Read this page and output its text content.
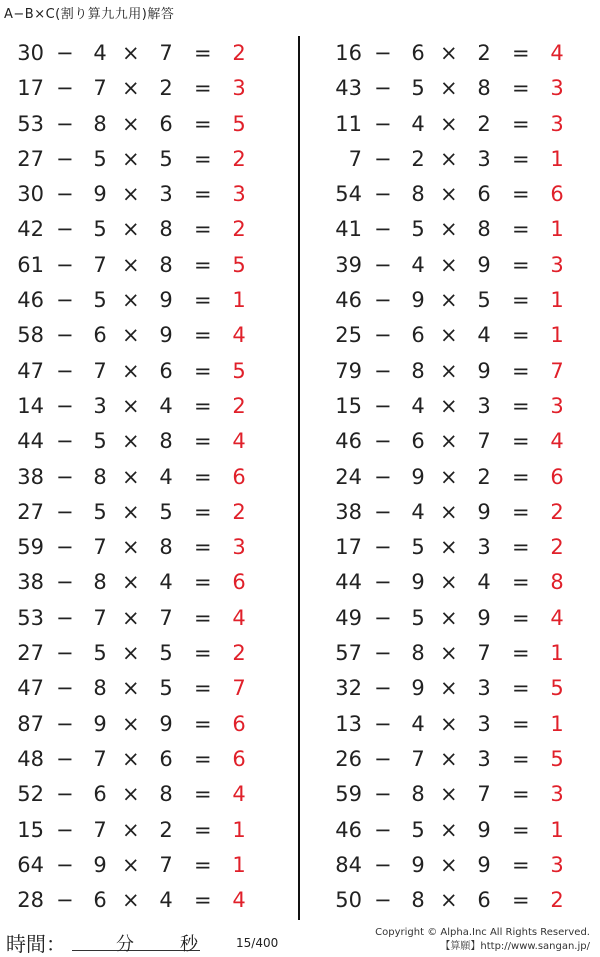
A−B×C(割り算九九用)解答
30 − 4 × 7 = 2
17 − 7 × 2 = 3
53 − 8 × 6 = 5
27 − 5 × 5 = 2
30 − 9 × 3 = 3
42 − 5 × 8 = 2
61 − 7 × 8 = 5
46 − 5 × 9 = 1
58 − 6 × 9 = 4
47 − 7 × 6 = 5
14 − 3 × 4 = 2
44 − 5 × 8 = 4
38 − 8 × 4 = 6
27 − 5 × 5 = 2
59 − 7 × 8 = 3
38 − 8 × 4 = 6
53 − 7 × 7 = 4
27 − 5 × 5 = 2
47 − 8 × 5 = 7
87 − 9 × 9 = 6
48 − 7 × 6 = 6
52 − 6 × 8 = 4
15 − 7 × 2 = 1
64 − 9 × 7 = 1
28 − 6 × 4 = 4
16 − 6 × 2 = 4
43 − 5 × 8 = 3
11 − 4 × 2 = 3
7 − 2 × 3 = 1
54 − 8 × 6 = 6
41 − 5 × 8 = 1
39 − 4 × 9 = 3
46 − 9 × 5 = 1
25 − 6 × 4 = 1
79 − 8 × 9 = 7
15 − 4 × 3 = 3
46 − 6 × 7 = 4
24 − 9 × 2 = 6
38 − 4 × 9 = 2
17 − 5 × 3 = 2
44 − 9 × 4 = 8
49 − 5 × 9 = 4
57 − 8 × 7 = 1
32 − 9 × 3 = 5
13 − 4 × 3 = 1
26 − 7 × 3 = 5
59 − 8 × 7 = 3
46 − 5 × 9 = 1
84 − 9 × 9 = 3
50 − 8 × 6 = 2
時間：	分	秒	15/400
Copyright © Alpha.Inc All Rights Reserved.
【算願】http://www.sangan.jp/
